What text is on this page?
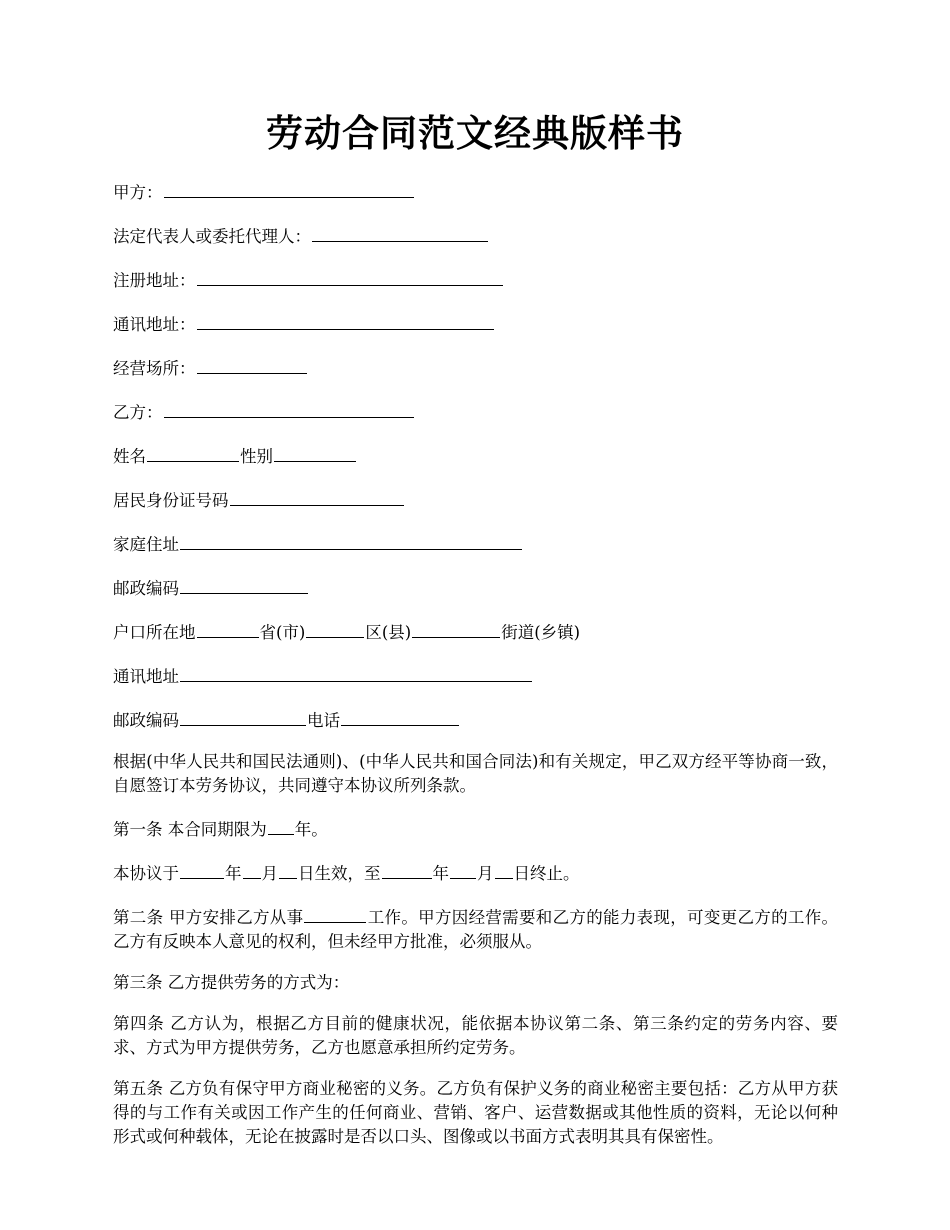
劳动合同范文经典版样书
甲方：
法定代表人或委托代理人：
注册地址：
通讯地址：
经营场所：
乙方：
姓名	性别
居民身份证号码
家庭住址
邮政编码
户口所在地	省(市)	区(县)	街道(乡镇)
通讯地址
邮政编码	电话
根据(中华人民共和国民法通则)、(中华人民共和国合同法)和有关规定，甲乙双方经平等协商一致，自愿签订本劳务协议，共同遵守本协议所列条款。
第一条 本合同期限为 年。
本协议于	年 月 日生效，至	年 月 日终止。
第二条 甲方安排乙方从事	工作。甲方因经营需要和乙方的能力表现，可变更乙方的工作。乙方有反映本人意见的权利，但未经甲方批准，必须服从。
第三条 乙方提供劳务的方式为：
第四条 乙方认为，根据乙方目前的健康状况，能依据本协议第二条、第三条约定的劳务内容、要求、方式为甲方提供劳务，乙方也愿意承担所约定劳务。
第五条 乙方负有保守甲方商业秘密的义务。乙方负有保护义务的商业秘密主要包括：乙方从甲方获得的与工作有关或因工作产生的任何商业、营销、客户、运营数据或其他性质的资料，无论以何种形式或何种载体，无论在披露时是否以口头、图像或以书面方式表明其具有保密性。
